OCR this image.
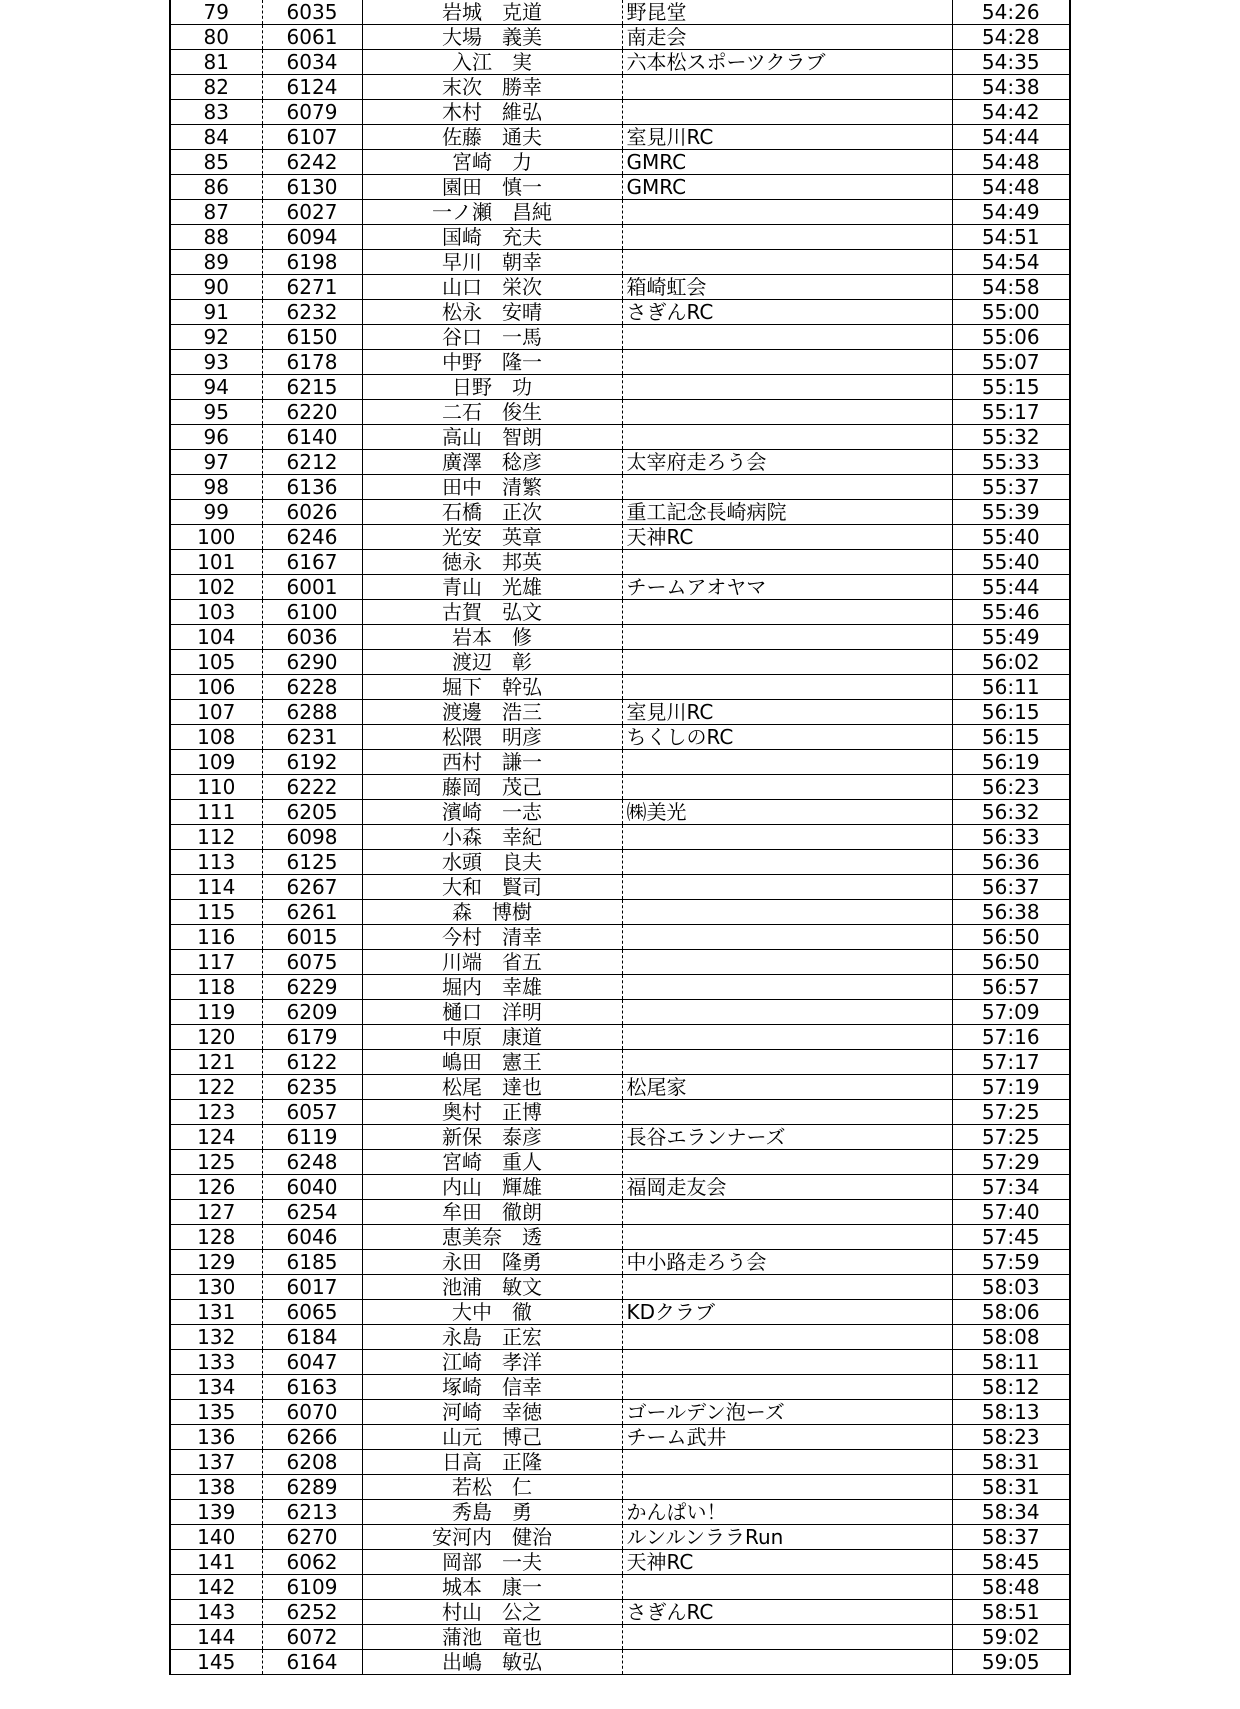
79	6035	岩城　克道	野昆堂	54:26
80	6061	大場　義美	南走会	54:28
81	6034	入江　実	六本松スポーツクラブ	54:35
82	6124	末次　勝幸		54:38
83	6079	木村　維弘		54:42
84	6107	佐藤　通夫	室見川RC	54:44
85	6242	宮崎　力	GMRC	54:48
86	6130	園田　慎一	GMRC	54:48
87	6027	一ノ瀬　昌純		54:49
88	6094	国崎　充夫		54:51
89	6198	早川　朝幸		54:54
90	6271	山口　栄次	箱崎虹会	54:58
91	6232	松永　安晴	さぎんRC	55:00
92	6150	谷口　一馬		55:06
93	6178	中野　隆一		55:07
94	6215	日野　功		55:15
95	6220	二石　俊生		55:17
96	6140	高山　智朗		55:32
97	6212	廣澤　稔彦	太宰府走ろう会	55:33
98	6136	田中　清繁		55:37
99	6026	石橋　正次	重工記念長崎病院	55:39
100	6246	光安　英章	天神RC	55:40
101	6167	徳永　邦英		55:40
102	6001	青山　光雄	チームアオヤマ	55:44
103	6100	古賀　弘文		55:46
104	6036	岩本　修		55:49
105	6290	渡辺　彰		56:02
106	6228	堀下　幹弘		56:11
107	6288	渡邊　浩三	室見川RC	56:15
108	6231	松隈　明彦	ちくしのRC	56:15
109	6192	西村　謙一		56:19
110	6222	藤岡　茂己		56:23
111	6205	濱崎　一志	㈱美光	56:32
112	6098	小森　幸紀		56:33
113	6125	水頭　良夫		56:36
114	6267	大和　賢司		56:37
115	6261	森　博樹		56:38
116	6015	今村　清幸		56:50
117	6075	川端　省五		56:50
118	6229	堀内　幸雄		56:57
119	6209	樋口　洋明		57:09
120	6179	中原　康道		57:16
121	6122	嶋田　憲王		57:17
122	6235	松尾　達也	松尾家	57:19
123	6057	奥村　正博		57:25
124	6119	新保　泰彦	長谷エランナーズ	57:25
125	6248	宮崎　重人		57:29
126	6040	内山　輝雄	福岡走友会	57:34
127	6254	牟田　徹朗		57:40
128	6046	恵美奈　透		57:45
129	6185	永田　隆勇	中小路走ろう会	57:59
130	6017	池浦　敏文		58:03
131	6065	大中　徹	KDクラブ	58:06
132	6184	永島　正宏		58:08
133	6047	江崎　孝洋		58:11
134	6163	塚崎　信幸		58:12
135	6070	河崎　幸徳	ゴールデン泡ーズ	58:13
136	6266	山元　博己	チーム武井	58:23
137	6208	日高　正隆		58:31
138	6289	若松　仁		58:31
139	6213	秀島　勇	かんぱい！	58:34
140	6270	安河内　健治	ルンルンララRun	58:37
141	6062	岡部　一夫	天神RC	58:45
142	6109	城本　康一		58:48
143	6252	村山　公之	さぎんRC	58:51
144	6072	蒲池　竜也		59:02
145	6164	出嶋　敏弘		59:05
